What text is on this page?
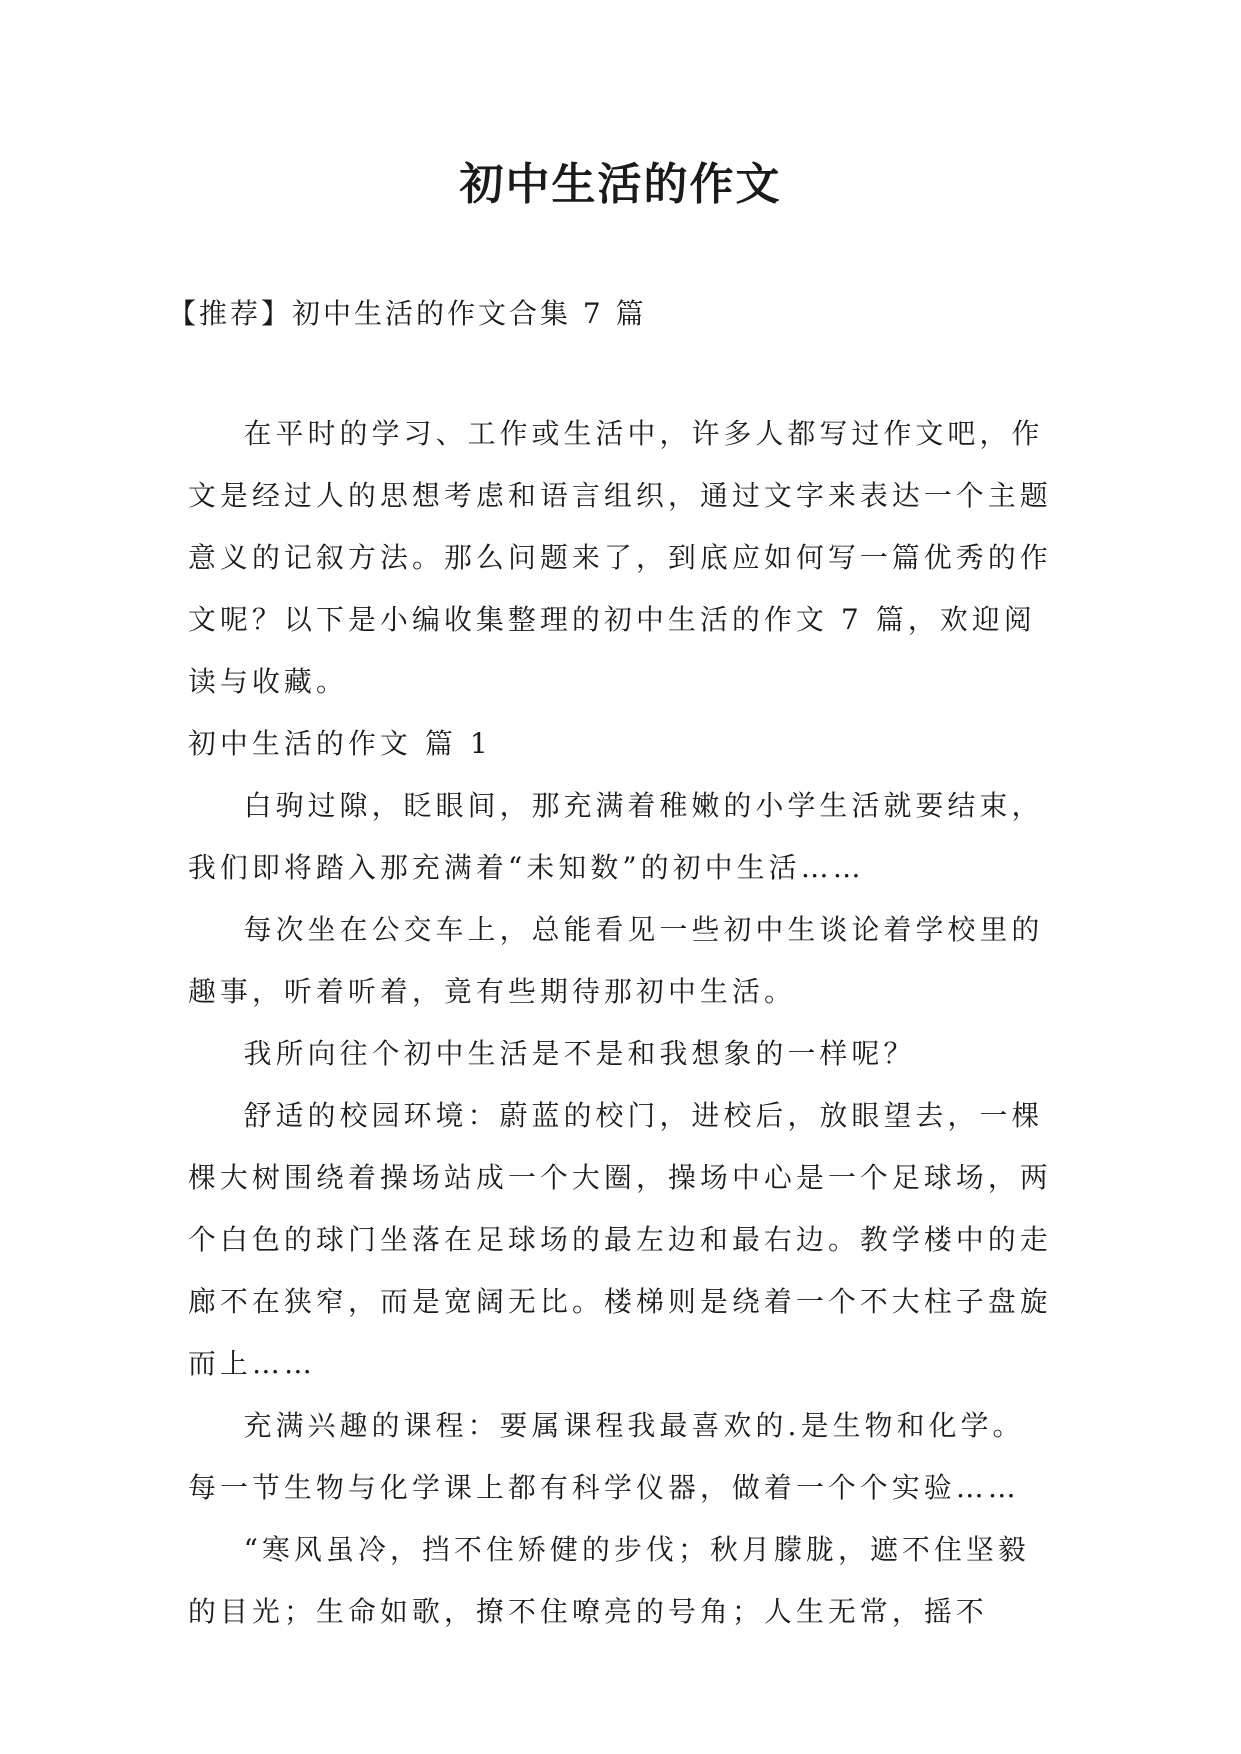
初中生活的作文
【推荐】初中生活的作文合集 7 篇

在平时的学习、工作或生活中，许多人都写过作文吧，作文是经过人的思想考虑和语言组织，通过文字来表达一个主题意义的记叙方法。那么问题来了，到底应如何写一篇优秀的作文呢？以下是小编收集整理的初中生活的作文 7 篇，欢迎阅读与收藏。

初中生活的作文 篇 1

白驹过隙，眨眼间，那充满着稚嫩的小学生活就要结束，我们即将踏入那充满着“未知数”的初中生活……

每次坐在公交车上，总能看见一些初中生谈论着学校里的趣事，听着听着，竟有些期待那初中生活。

我所向往个初中生活是不是和我想象的一样呢？

舒适的校园环境：蔚蓝的校门，进校后，放眼望去，一棵棵大树围绕着操场站成一个大圈，操场中心是一个足球场，两个白色的球门坐落在足球场的最左边和最右边。教学楼中的走廊不在狭窄，而是宽阔无比。楼梯则是绕着一个不大柱子盘旋而上……

充满兴趣的课程：要属课程我最喜欢的.是生物和化学。每一节生物与化学课上都有科学仪器，做着一个个实验……

“寒风虽冷，挡不住矫健的步伐；秋月朦胧，遮不住坚毅的目光；生命如歌，撩不住嘹亮的号角；人生无常，摇不
